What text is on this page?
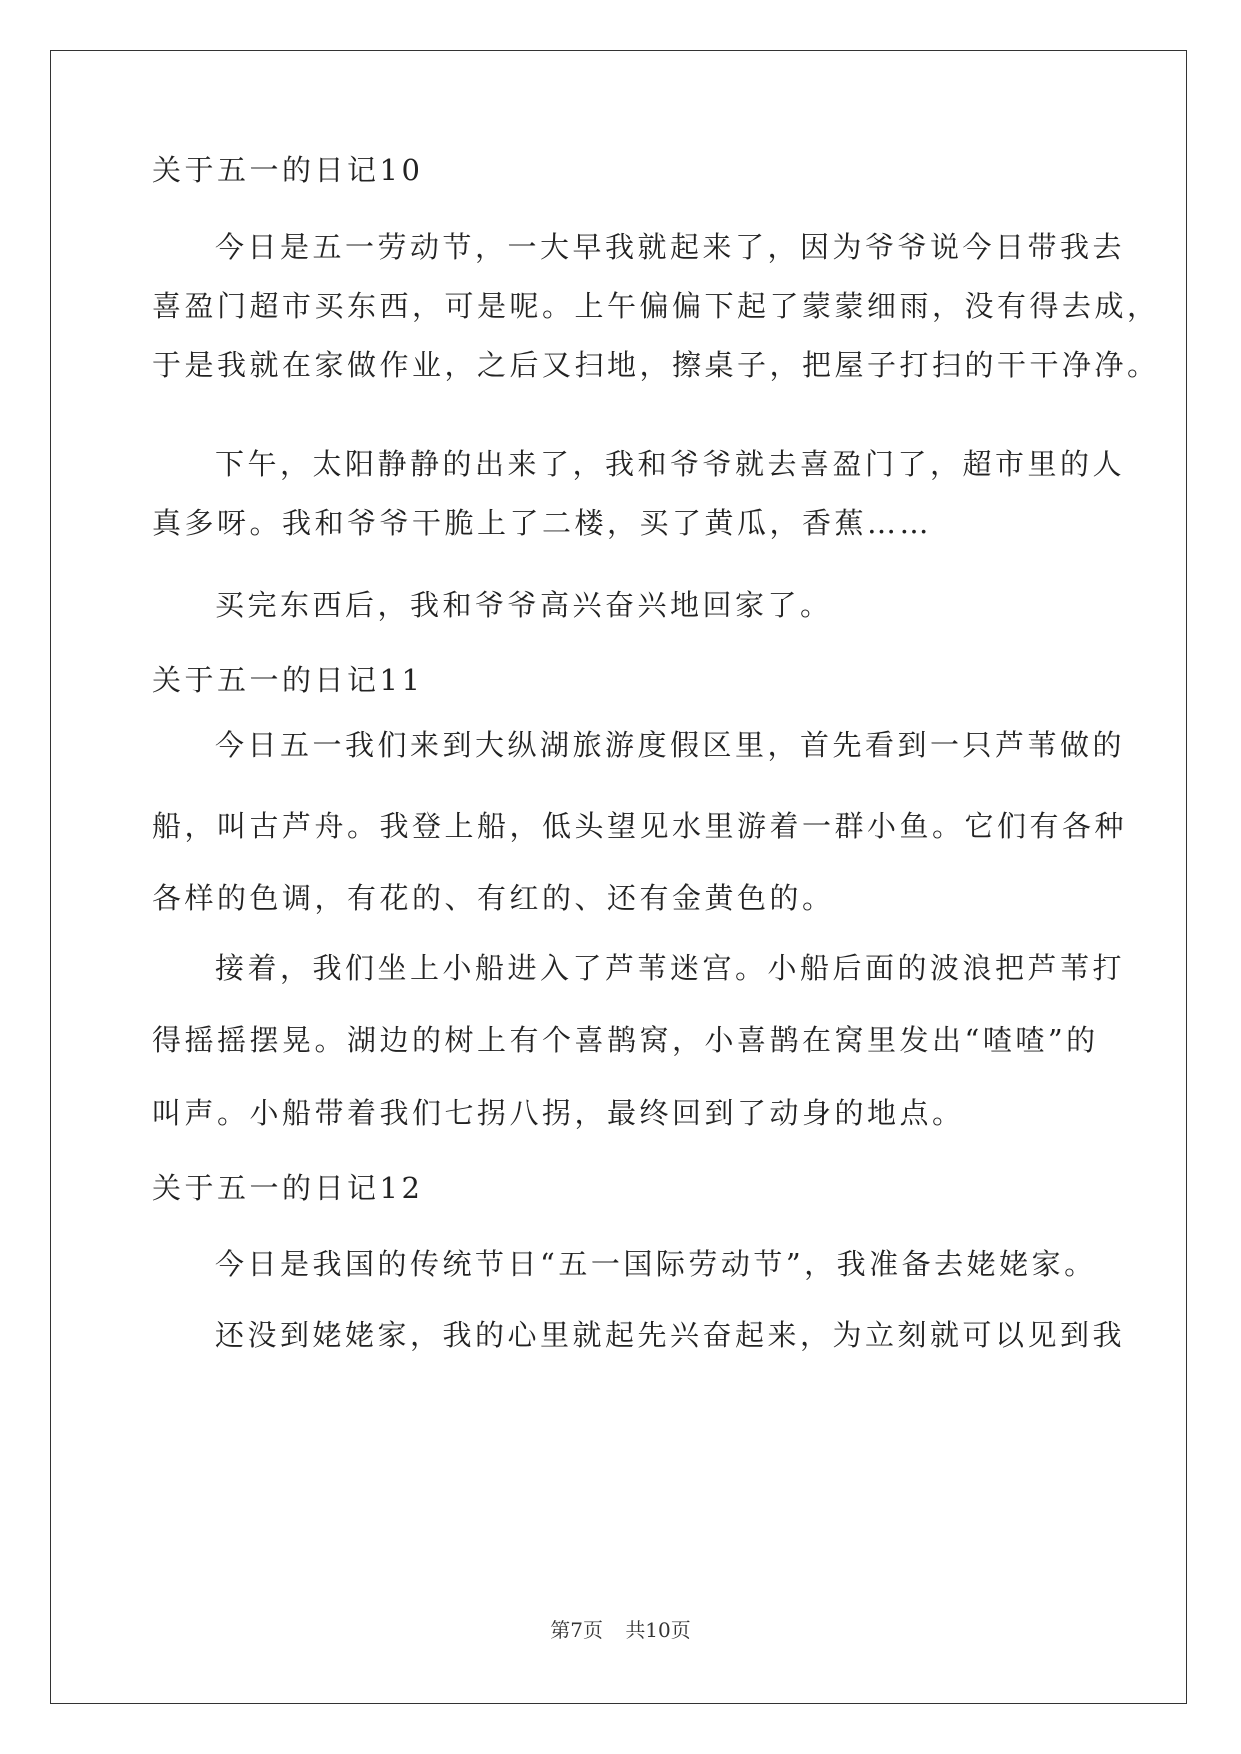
关于五一的日记10
今日是五一劳动节，一大早我就起来了，因为爷爷说今日带我去
喜盈门超市买东西，可是呢。上午偏偏下起了蒙蒙细雨，没有得去成，
于是我就在家做作业，之后又扫地，擦桌子，把屋子打扫的干干净净。
下午，太阳静静的出来了，我和爷爷就去喜盈门了，超市里的人
真多呀。我和爷爷干脆上了二楼，买了黄瓜，香蕉……
买完东西后，我和爷爷高兴奋兴地回家了。
关于五一的日记11
今日五一我们来到大纵湖旅游度假区里，首先看到一只芦苇做的
船，叫古芦舟。我登上船，低头望见水里游着一群小鱼。它们有各种
各样的色调，有花的、有红的、还有金黄色的。
接着，我们坐上小船进入了芦苇迷宫。小船后面的波浪把芦苇打
得摇摇摆晃。湖边的树上有个喜鹊窝，小喜鹊在窝里发出“喳喳”的
叫声。小船带着我们七拐八拐，最终回到了动身的地点。
关于五一的日记12
今日是我国的传统节日“五一国际劳动节”，我准备去姥姥家。
还没到姥姥家，我的心里就起先兴奋起来，为立刻就可以见到我
第7页 共10页
